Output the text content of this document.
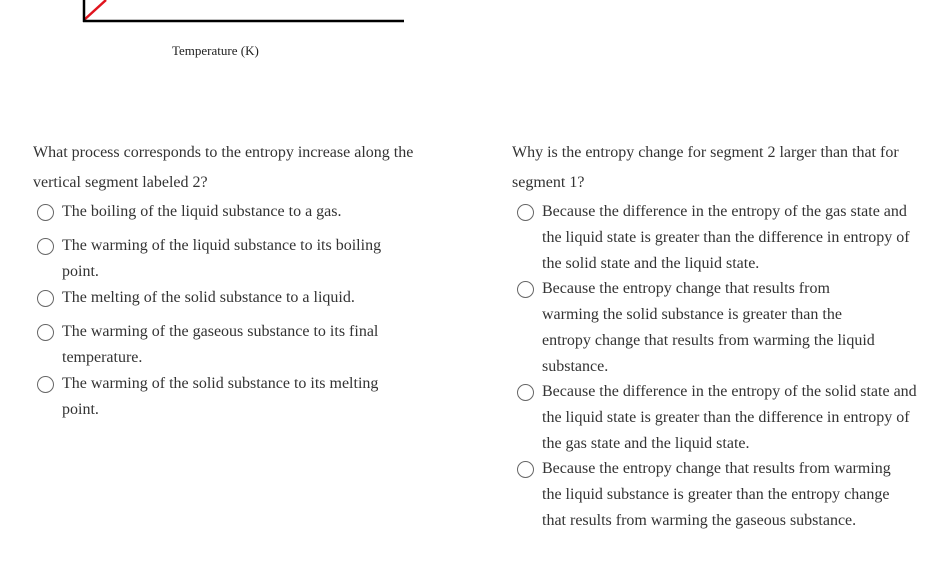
Temperature (K)
What process corresponds to the entropy increase along the vertical segment labeled 2?
The boiling of the liquid substance to a gas.
The warming of the liquid substance to its boiling point.
The melting of the solid substance to a liquid.
The warming of the gaseous substance to its final temperature.
The warming of the solid substance to its melting point.
Why is the entropy change for segment 2 larger than that for segment 1?
Because the difference in the entropy of the gas state and the liquid state is greater than the difference in entropy of the solid state and the liquid state.
Because the entropy change that results from warming the solid substance is greater than the entropy change that results from warming the liquid substance.
Because the difference in the entropy of the solid state and the liquid state is greater than the difference in entropy of the gas state and the liquid state.
Because the entropy change that results from warming the liquid substance is greater than the entropy change that results from warming the gaseous substance.
